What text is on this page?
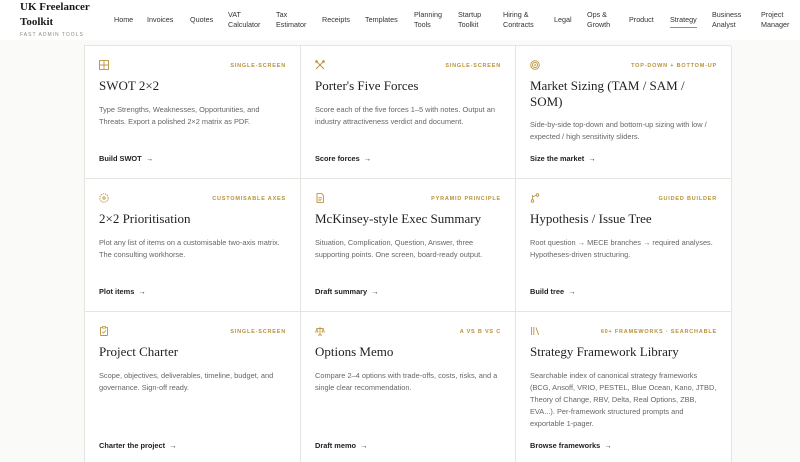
UK Freelancer Toolkit
FAST ADMIN TOOLS
Home Invoices Quotes
VAT Calculator
Tax Estimator
Receipts Templates
Planning Tools
Startup Toolkit
Hiring & Contracts
Legal
Ops & Growth
Product Strategy
Business Analyst
Project Manager
SINGLE-SCREEN
SWOT 2×2
Type Strengths, Weaknesses, Opportunities, and Threats. Export a polished 2×2 matrix as PDF.
Build SWOT →
SINGLE-SCREEN
Porter's Five Forces
Score each of the five forces 1–5 with notes. Output an industry attractiveness verdict and document.
Score forces →
TOP-DOWN + BOTTOM-UP
Market Sizing (TAM / SAM / SOM)
Side-by-side top-down and bottom-up sizing with low / expected / high sensitivity sliders.
Size the market →
CUSTOMISABLE AXES
2×2 Prioritisation
Plot any list of items on a customisable two-axis matrix. The consulting workhorse.
Plot items →
PYRAMID PRINCIPLE
McKinsey-style Exec Summary
Situation, Complication, Question, Answer, three supporting points. One screen, board-ready output.
Draft summary →
GUIDED BUILDER
Hypothesis / Issue Tree
Root question → MECE branches → required analyses. Hypotheses-driven structuring.
Build tree →
SINGLE-SCREEN
Project Charter
Scope, objectives, deliverables, timeline, budget, and governance. Sign-off ready.
Charter the project →
A VS B VS C
Options Memo
Compare 2–4 options with trade-offs, costs, risks, and a single clear recommendation.
Draft memo →
60+ FRAMEWORKS · SEARCHABLE
Strategy Framework Library
Searchable index of canonical strategy frameworks (BCG, Ansoff, VRIO, PESTEL, Blue Ocean, Kano, JTBD, Theory of Change, RBV, Delta, Real Options, ZBB, EVA...). Per-framework structured prompts and exportable 1-pager.
Browse frameworks →
